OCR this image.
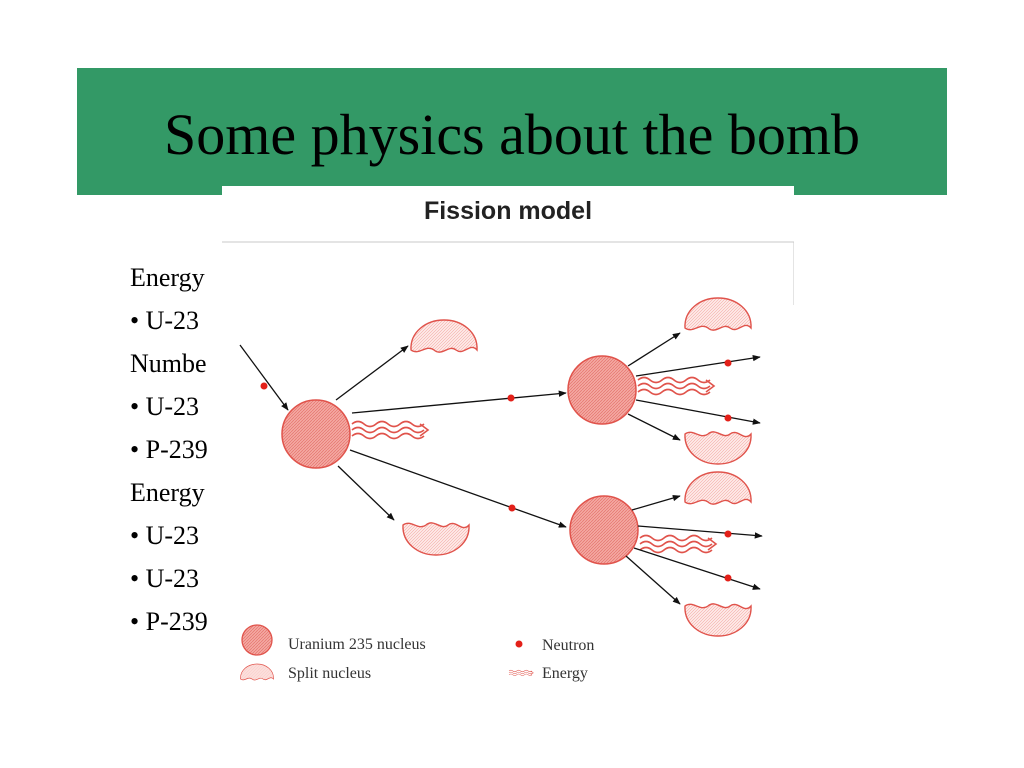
Some physics about the bomb
Energy
• U-23
Numbe
• U-23
• P-239
Energy
• U-23
• U-23
• P-239
Fission model
Uranium 235 nucleus
Split nucleus
Neutron
Energy
